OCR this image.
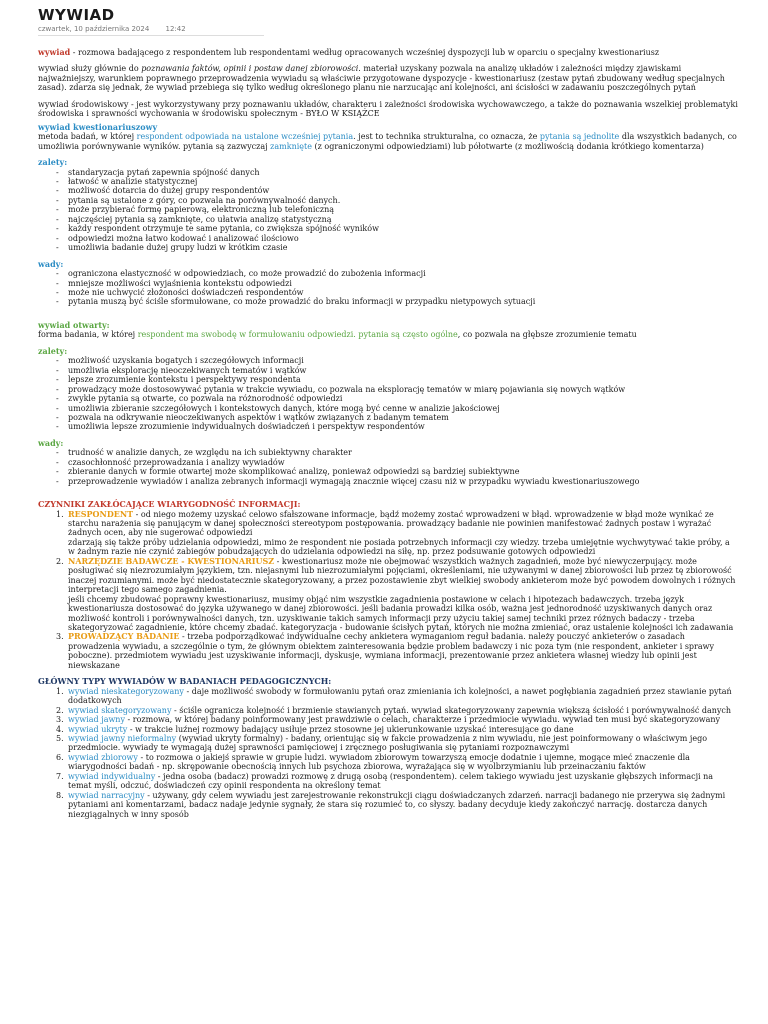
WYWIAD
czwartek, 10 października 2024 12:42

wywiad - rozmowa badającego z respondentem lub respondentami według opracowanych wcześniej dyspozycji lub w oparciu o specjalny kwestionariusz

wywiad służy głównie do poznawania faktów, opinii i postaw danej zbiorowości. materiał uzyskany pozwala na analizę układów i zależności między zjawiskami najważniejszy, warunkiem poprawnego przeprowadzenia wywiadu są właściwie przygotowane dyspozycje - kwestionariusz (zestaw pytań zbudowany według specjalnych zasad). zdarza się jednak, że wywiad przebiega się tylko według określonego planu nie narzucając ani kolejności, ani ścisłości w zadawaniu poszczególnych pytań

wywiad środowiskowy - jest wykorzystywany przy poznawaniu układów, charakteru i zależności środowiska wychowawczego, a także do poznawania wszelkiej problematyki środowiska i sprawności wychowania w środowisku społecznym - BYŁO W KSIĄŻCE

wywiad kwestionariuszowy

metoda badań, w której respondent odpowiada na ustalone wcześniej pytania. jest to technika strukturalna, co oznacza, że pytania są jednolite dla wszystkich badanych, co umożliwia porównywanie wyników. pytania są zazwyczaj zamknięte (z ograniczonymi odpowiedziami) lub półotwarte (z możliwością dodania krótkiego komentarza)

zalety:
- standaryzacja pytań zapewnia spójność danych
- łatwość w analizie statystycznej
- możliwość dotarcia do dużej grupy respondentów
- pytania są ustalone z góry, co pozwala na porównywalność danych.
- może przybierać formę papierową, elektroniczną lub telefoniczną
- najczęściej pytania są zamknięte, co ułatwia analizę statystyczną
- każdy respondent otrzymuje te same pytania, co zwiększa spójność wyników
- odpowiedzi można łatwo kodować i analizować ilościowo
- umożliwia badanie dużej grupy ludzi w krótkim czasie
wady:
- ograniczona elastyczność w odpowiedziach, co może prowadzić do zubożenia informacji
- mniejsze możliwości wyjaśnienia kontekstu odpowiedzi
- może nie uchwycić złożoności doświadczeń respondentów
- pytania muszą być ściśle sformułowane, co może prowadzić do braku informacji w przypadku nietypowych sytuacji
wywiad otwarty:

forma badania, w której respondent ma swobodę w formułowaniu odpowiedzi. pytania są często ogólne, co pozwala na głębsze zrozumienie tematu

zalety:
- możliwość uzyskania bogatych i szczegółowych informacji
- umożliwia eksplorację nieoczekiwanych tematów i wątków
- lepsze zrozumienie kontekstu i perspektywy respondenta
- prowadzący może dostosowywać pytania w trakcie wywiadu, co pozwala na eksplorację tematów w miarę pojawiania się nowych wątków
- zwykle pytania są otwarte, co pozwala na różnorodność odpowiedzi
- umożliwia zbieranie szczegółowych i kontekstowych danych, które mogą być cenne w analizie jakościowej
- pozwala na odkrywanie nieoczekiwanych aspektów i wątków związanych z badanym tematem
- umożliwia lepsze zrozumienie indywidualnych doświadczeń i perspektyw respondentów
wady:
- trudność w analizie danych, ze względu na ich subiektywny charakter
- czasochłonność przeprowadzania i analizy wywiadów
- zbieranie danych w formie otwartej może skomplikować analizę, ponieważ odpowiedzi są bardziej subiektywne
- przeprowadzenie wywiadów i analiza zebranych informacji wymagają znacznie więcej czasu niż w przypadku wywiadu kwestionariuszowego
CZYNNIKI ZAKŁÓCAJĄCE WIARYGODNOŚĆ INFORMACJI:
1. RESPONDENT - od niego możemy uzyskać celowo sfałszowane informacje, bądź możemy zostać wprowadzeni w błąd. wprowadzenie w błąd może wynikać ze starchu narażenia się panującym w danej społeczności stereotypom postępowania. prowadzący badanie nie powinien manifestować żadnych postaw i wyrażać żadnych ocen, aby nie sugerować odpowiedzi
zdarzają się także próby udzielania odpowiedzi, mimo że respondent nie posiada potrzebnych informacji czy wiedzy. trzeba umiejętnie wychwytywać takie próby, a w żadnym razie nie czynić zabiegów pobudzających do udzielania odpowiedzi na siłę, np. przez podsuwanie gotowych odpowiedzi
2. NARZĘDZIE BADAWCZE - KWESTIONARIUSZ - kwestionariusz może nie obejmować wszystkich ważnych zagadnień, może być niewyczerpujący. może posługiwać się niezrozumiałym językiem, tzn. niejasnymi lub niezrozumiałymi pojęciami, określeniami, nie używanymi w danej zbiorowości lub przez tę zbiorowość inaczej rozumianymi. może być niedostatecznie skategoryzowany, a przez pozostawienie zbyt wielkiej swobody ankieterom może być powodem dowolnych i różnych interpretacji tego samego zagadnienia.
jeśli chcemy zbudować poprawny kwestionariusz, musimy objąć nim wszystkie zagadnienia postawione w celach i hipotezach badawczych. trzeba język kwestionariusza dostosować do języka używanego w danej zbiorowości. jeśli badania prowadzi kilka osób, ważna jest jednorodność uzyskiwanych danych oraz możliwość kontroli i porównywalności danych, tzn. uzyskiwanie takich samych informacji przy użyciu takiej samej techniki przez różnych badaczy - trzeba skategoryzować zagadnienie, które chcemy zbadać. kategoryzacja - budowanie ścisłych pytań, których nie można zmieniać, oraz ustalenie kolejności ich zadawania
3. PROWADZĄCY BADANIE - trzeba podporządkować indywidualne cechy ankietera wymaganiom reguł badania. należy pouczyć ankieterów o zasadach prowadzenia wywiadu, a szczególnie o tym, że głównym obiektem zainteresowania będzie problem badawczy i nic poza tym (nie respondent, ankieter i sprawy poboczne). przedmiotem wywiadu jest uzyskiwanie informacji, dyskusje, wymiana informacji, prezentowanie przez ankietera własnej wiedzy lub opinii jest niewskazane
GŁÓWNY TYPY WYWIADÓW W BADANIACH PEDAGOGICZNYCH:
1. wywiad nieskategoryzowany - daje możliwość swobody w formułowaniu pytań oraz zmieniania ich kolejności, a nawet pogłębiania zagadnień przez stawianie pytań dodatkowych
2. wywiad skategoryzowany - ściśle ogranicza kolejność i brzmienie stawianych pytań. wywiad skategoryzowany zapewnia większą ścisłość i porównywalność danych
3. wywiad jawny - rozmowa, w której badany poinformowany jest prawdziwie o celach, charakterze i przedmiocie wywiadu. wywiad ten musi być skategoryzowany
4. wywiad ukryty - w trakcie luźnej rozmowy badający usiłuje przez stosowne jej ukierunkowanie uzyskać interesujące go dane
5. wywiad jawny nieformalny (wywiad ukryty formalny) - badany, orientując się w fakcie prowadzenia z nim wywiadu, nie jest poinformowany o właściwym jego przedmiocie. wywiady te wymagają dużej sprawności pamięciowej i zręcznego posługiwania się pytaniami rozpoznawczymi
6. wywiad zbiorowy - to rozmowa o jakiejś sprawie w grupie ludzi. wywiadom zbiorowym towarzyszą emocje dodatnie i ujemne, mogące mieć znaczenie dla wiarygodności badań - np. skrępowanie obecnością innych lub psychoza zbiorowa, wyrażająca się w wyolbrzymianiu lub przeinaczaniu faktów
7. wywiad indywidualny - jedna osoba (badacz) prowadzi rozmowę z drugą osobą (respondentem). celem takiego wywiadu jest uzyskanie głębszych informacji na temat myśli, odczuć, doświadczeń czy opinii respondenta na określony temat
8. wywiad narracyjny - używany, gdy celem wywiadu jest zarejestrowanie rekonstrukcji ciągu doświadczanych zdarzeń. narracji badanego nie przerywa się żadnymi pytaniami ani komentarzami, badacz nadaje jedynie sygnały, że stara się rozumieć to, co słyszy. badany decyduje kiedy zakończyć narrację. dostarcza danych niezgiągalnych w inny sposób
